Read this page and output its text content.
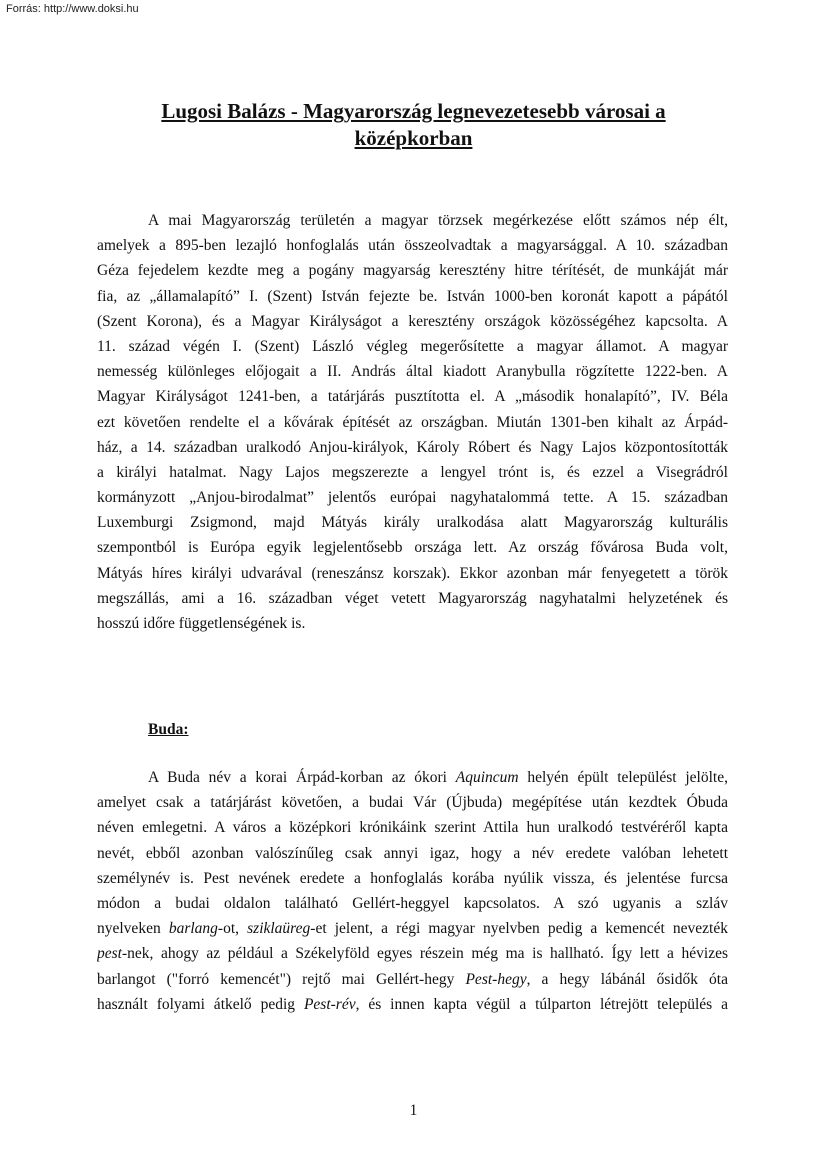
Forrás: http://www.doksi.hu
Lugosi Balázs - Magyarország legnevezetesebb városai a
középkorban
A mai Magyarország területén a magyar törzsek megérkezése előtt számos nép élt,
amelyek a 895-ben lezajló honfoglalás után összeolvadtak a magyarsággal. A 10. században
Géza fejedelem kezdte meg a pogány magyarság keresztény hitre térítését, de munkáját már
fia, az „államalapító” I. (Szent) István fejezte be. István 1000-ben koronát kapott a pápától
(Szent Korona), és a Magyar Királyságot a keresztény országok közösségéhez kapcsolta. A
11. század végén I. (Szent) László végleg megerősítette a magyar államot. A magyar
nemesség különleges előjogait a II. András által kiadott Aranybulla rögzítette 1222-ben. A
Magyar Királyságot 1241-ben, a tatárjárás pusztította el. A „második honalapító”, IV. Béla
ezt követően rendelte el a kővárak építését az országban. Miután 1301-ben kihalt az Árpád-
ház, a 14. században uralkodó Anjou-királyok, Károly Róbert és Nagy Lajos központosították
a királyi hatalmat. Nagy Lajos megszerezte a lengyel trónt is, és ezzel a Visegrádról
kormányzott „Anjou-birodalmat” jelentős európai nagyhatalommá tette. A 15. században
Luxemburgi Zsigmond, majd Mátyás király uralkodása alatt Magyarország kulturális
szempontból is Európa egyik legjelentősebb országa lett. Az ország fővárosa Buda volt,
Mátyás híres királyi udvarával (reneszánsz korszak). Ekkor azonban már fenyegetett a török
megszállás, ami a 16. században véget vetett Magyarország nagyhatalmi helyzetének és
hosszú időre függetlenségének is.
Buda:
A Buda név a korai Árpád-korban az ókori Aquincum helyén épült települést jelölte,
amelyet csak a tatárjárást követően, a budai Vár (Újbuda) megépítése után kezdtek Óbuda
néven emlegetni. A város a középkori krónikáink szerint Attila hun uralkodó testvéréről kapta
nevét, ebből azonban valószínűleg csak annyi igaz, hogy a név eredete valóban lehetett
személynév is. Pest nevének eredete a honfoglalás korába nyúlik vissza, és jelentése furcsa
módon a budai oldalon található Gellért-heggyel kapcsolatos. A szó ugyanis a szláv
nyelveken barlang-ot, sziklaüreg-et jelent, a régi magyar nyelvben pedig a kemencét nevezték
pest-nek, ahogy az például a Székelyföld egyes részein még ma is hallható. Így lett a hévizes
barlangot ("forró kemencét") rejtő mai Gellért-hegy Pest-hegy, a hegy lábánál ősidők óta
használt folyami átkelő pedig Pest-rév, és innen kapta végül a túlparton létrejött település a
1
